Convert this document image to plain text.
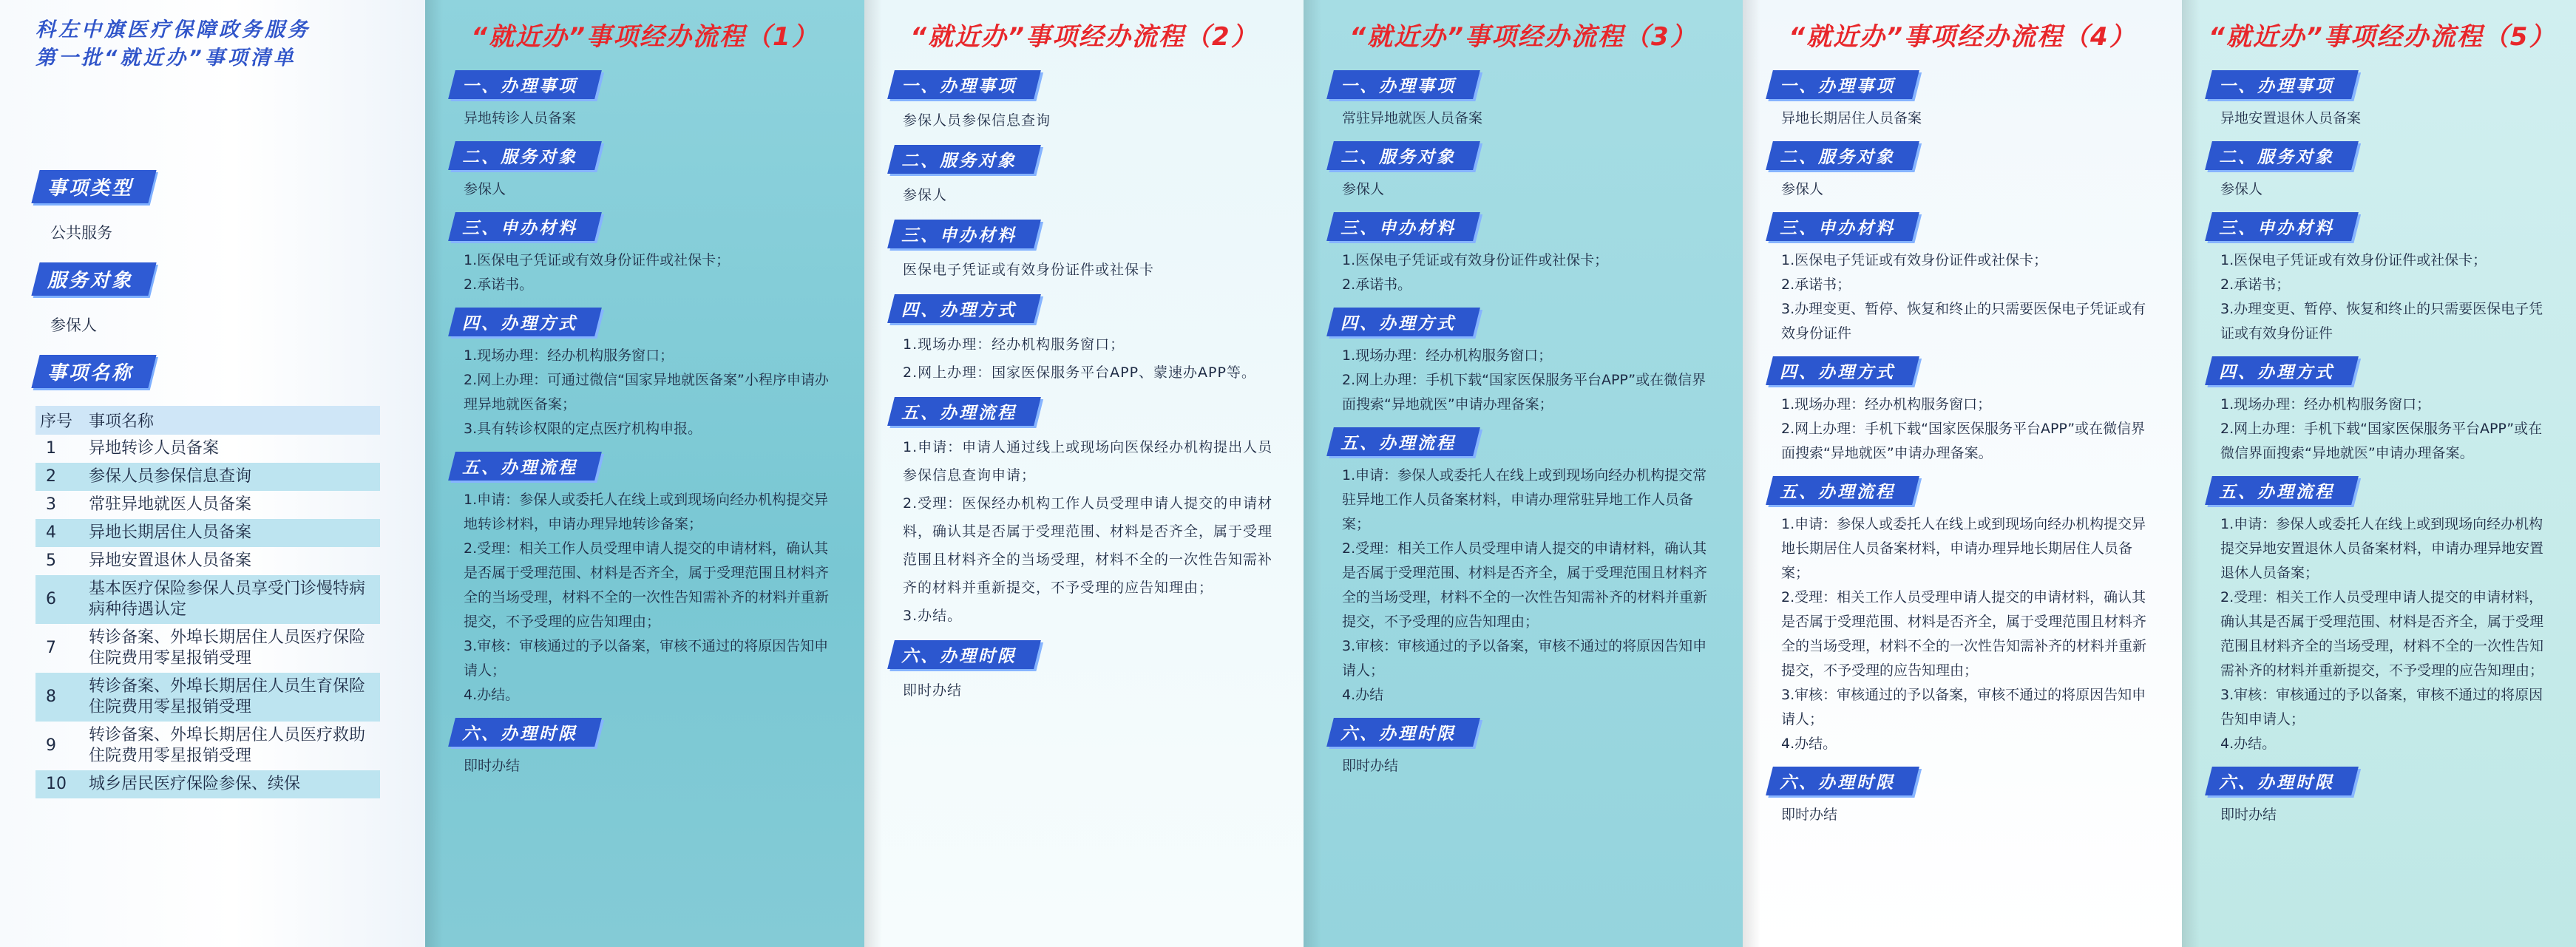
科左中旗医疗保障政务服务
第一批“就近办”事项清单
事项类型
公共服务
服务对象
参保人
事项名称
序号	事项名称
1	异地转诊人员备案
2	参保人员参保信息查询
3	常驻异地就医人员备案
4	异地长期居住人员备案
5	异地安置退休人员备案
6	基本医疗保险参保人员享受门诊慢特病病种待遇认定
7	转诊备案、外埠长期居住人员医疗保险住院费用零星报销受理
8	转诊备案、外埠长期居住人员生育保险住院费用零星报销受理
9	转诊备案、外埠长期居住人员医疗救助住院费用零星报销受理
10	城乡居民医疗保险参保、续保
“就近办”事项经办流程（1）
一、办理事项
异地转诊人员备案
二、服务对象
参保人
三、申办材料
1.医保电子凭证或有效身份证件或社保卡；
2.承诺书。
四、办理方式
1.现场办理：经办机构服务窗口；
2.网上办理：可通过微信“国家异地就医备案”小程序申请办理异地就医备案；
3.具有转诊权限的定点医疗机构申报。
五、办理流程
1.申请：参保人或委托人在线上或到现场向经办机构提交异地转诊材料，申请办理异地转诊备案；
2.受理：相关工作人员受理申请人提交的申请材料，确认其是否属于受理范围、材料是否齐全，属于受理范围且材料齐全的当场受理，材料不全的一次性告知需补齐的材料并重新提交，不予受理的应告知理由；
3.审核：审核通过的予以备案，审核不通过的将原因告知申请人；
4.办结。
六、办理时限
即时办结
“就近办”事项经办流程（2）
一、办理事项
参保人员参保信息查询
二、服务对象
参保人
三、申办材料
医保电子凭证或有效身份证件或社保卡
四、办理方式
1.现场办理：经办机构服务窗口；
2.网上办理：国家医保服务平台APP、蒙速办APP等。
五、办理流程
1.申请：申请人通过线上或现场向医保经办机构提出人员参保信息查询申请；
2.受理：医保经办机构工作人员受理申请人提交的申请材料，确认其是否属于受理范围、材料是否齐全，属于受理范围且材料齐全的当场受理，材料不全的一次性告知需补齐的材料并重新提交，不予受理的应告知理由；
3.办结。
六、办理时限
即时办结
“就近办”事项经办流程（3）
一、办理事项
常驻异地就医人员备案
二、服务对象
参保人
三、申办材料
1.医保电子凭证或有效身份证件或社保卡；
2.承诺书。
四、办理方式
1.现场办理：经办机构服务窗口；
2.网上办理：手机下载“国家医保服务平台APP”或在微信界面搜索“异地就医”申请办理备案；
五、办理流程
1.申请：参保人或委托人在线上或到现场向经办机构提交常驻异地工作人员备案材料，申请办理常驻异地工作人员备案；
2.受理：相关工作人员受理申请人提交的申请材料，确认其是否属于受理范围、材料是否齐全，属于受理范围且材料齐全的当场受理，材料不全的一次性告知需补齐的材料并重新提交，不予受理的应告知理由；
3.审核：审核通过的予以备案，审核不通过的将原因告知申请人；
4.办结
六、办理时限
即时办结
“就近办”事项经办流程（4）
一、办理事项
异地长期居住人员备案
二、服务对象
参保人
三、申办材料
1.医保电子凭证或有效身份证件或社保卡；
2.承诺书；
3.办理变更、暂停、恢复和终止的只需要医保电子凭证或有效身份证件
四、办理方式
1.现场办理：经办机构服务窗口；
2.网上办理：手机下载“国家医保服务平台APP”或在微信界面搜索“异地就医”申请办理备案。
五、办理流程
1.申请：参保人或委托人在线上或到现场向经办机构提交异地长期居住人员备案材料，申请办理异地长期居住人员备案；
2.受理：相关工作人员受理申请人提交的申请材料，确认其是否属于受理范围、材料是否齐全，属于受理范围且材料齐全的当场受理，材料不全的一次性告知需补齐的材料并重新提交，不予受理的应告知理由；
3.审核：审核通过的予以备案，审核不通过的将原因告知申请人；
4.办结。
六、办理时限
即时办结
“就近办”事项经办流程（5）
一、办理事项
异地安置退休人员备案
二、服务对象
参保人
三、申办材料
1.医保电子凭证或有效身份证件或社保卡；
2.承诺书；
3.办理变更、暂停、恢复和终止的只需要医保电子凭证或有效身份证件
四、办理方式
1.现场办理：经办机构服务窗口；
2.网上办理：手机下载“国家医保服务平台APP”或在微信界面搜索“异地就医”申请办理备案。
五、办理流程
1.申请：参保人或委托人在线上或到现场向经办机构提交异地安置退休人员备案材料，申请办理异地安置退休人员备案；
2.受理：相关工作人员受理申请人提交的申请材料，确认其是否属于受理范围、材料是否齐全，属于受理范围且材料齐全的当场受理，材料不全的一次性告知需补齐的材料并重新提交，不予受理的应告知理由；
3.审核：审核通过的予以备案，审核不通过的将原因告知申请人；
4.办结。
六、办理时限
即时办结
